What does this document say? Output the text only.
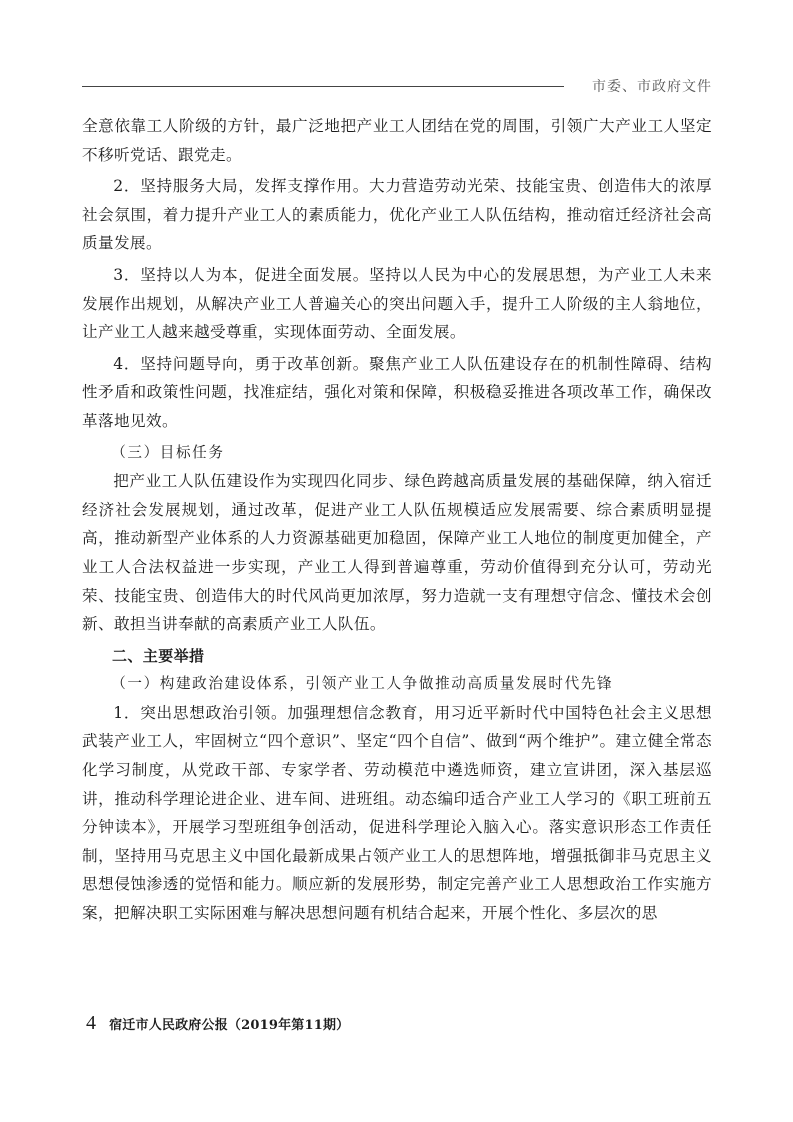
市委、市政府文件

全意依靠工人阶级的方针，最广泛地把产业工人团结在党的周围，引领广大产业工人坚定不移听党话、跟党走。

2．坚持服务大局，发挥支撑作用。大力营造劳动光荣、技能宝贵、创造伟大的浓厚社会氛围，着力提升产业工人的素质能力，优化产业工人队伍结构，推动宿迁经济社会高质量发展。

3．坚持以人为本，促进全面发展。坚持以人民为中心的发展思想，为产业工人未来发展作出规划，从解决产业工人普遍关心的突出问题入手，提升工人阶级的主人翁地位，让产业工人越来越受尊重，实现体面劳动、全面发展。

4．坚持问题导向，勇于改革创新。聚焦产业工人队伍建设存在的机制性障碍、结构性矛盾和政策性问题，找准症结，强化对策和保障，积极稳妥推进各项改革工作，确保改革落地见效。

（三）目标任务

把产业工人队伍建设作为实现四化同步、绿色跨越高质量发展的基础保障，纳入宿迁经济社会发展规划，通过改革，促进产业工人队伍规模适应发展需要、综合素质明显提高，推动新型产业体系的人力资源基础更加稳固，保障产业工人地位的制度更加健全，产业工人合法权益进一步实现，产业工人得到普遍尊重，劳动价值得到充分认可，劳动光荣、技能宝贵、创造伟大的时代风尚更加浓厚，努力造就一支有理想守信念、懂技术会创新、敢担当讲奉献的高素质产业工人队伍。

二、主要举措

（一）构建政治建设体系，引领产业工人争做推动高质量发展时代先锋

1．突出思想政治引领。加强理想信念教育，用习近平新时代中国特色社会主义思想武装产业工人，牢固树立“四个意识”、坚定“四个自信”、做到“两个维护”。建立健全常态化学习制度，从党政干部、专家学者、劳动模范中遴选师资，建立宣讲团，深入基层巡讲，推动科学理论进企业、进车间、进班组。动态编印适合产业工人学习的《职工班前五分钟读本》，开展学习型班组争创活动，促进科学理论入脑入心。落实意识形态工作责任制，坚持用马克思主义中国化最新成果占领产业工人的思想阵地，增强抵御非马克思主义思想侵蚀渗透的觉悟和能力。顺应新的发展形势，制定完善产业工人思想政治工作实施方案，把解决职工实际困难与解决思想问题有机结合起来，开展个性化、多层次的思

4 宿迁市人民政府公报（2019年第11期）
